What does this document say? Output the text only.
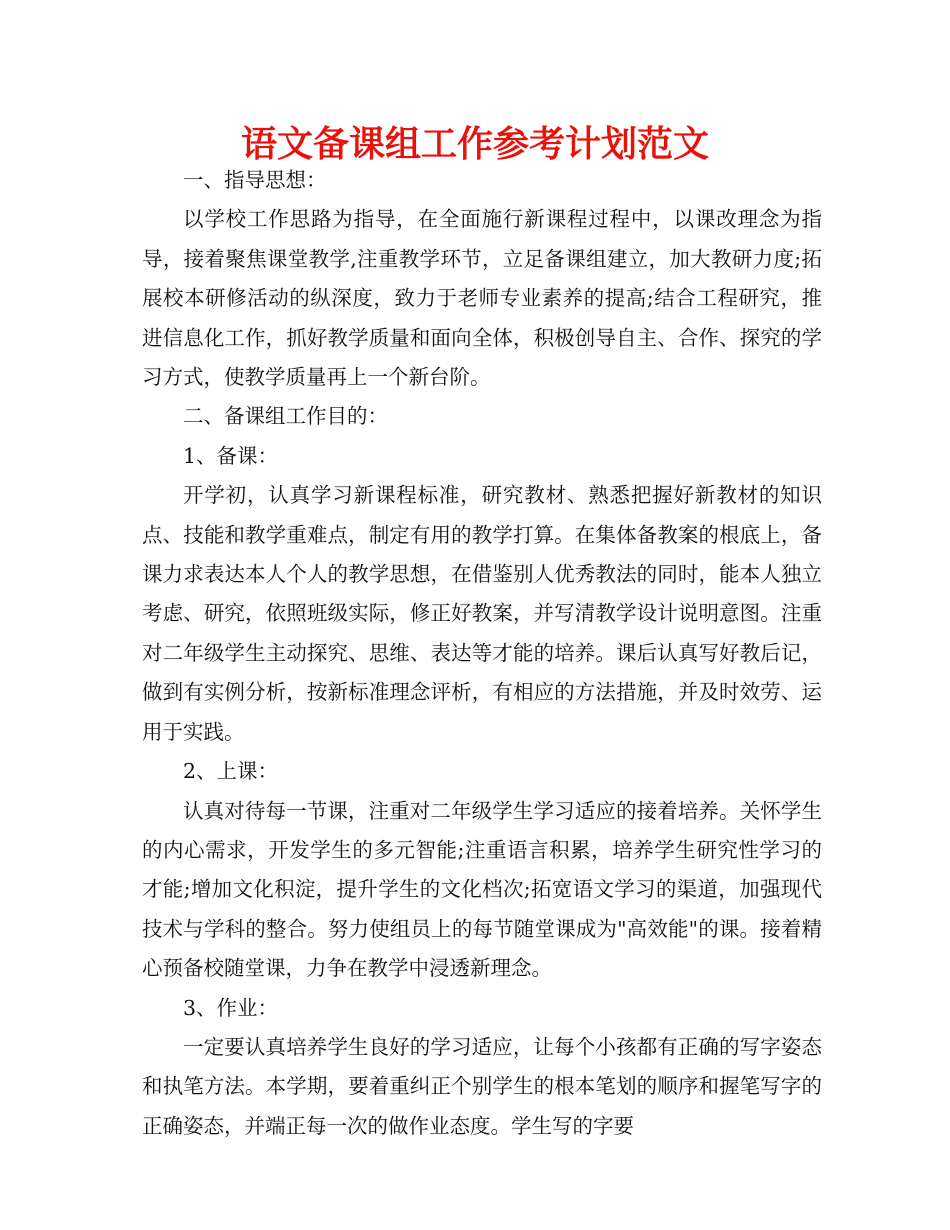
语文备课组工作参考计划范文

一、指导思想：

以学校工作思路为指导，在全面施行新课程过程中，以课改理念为指导，接着聚焦课堂教学,注重教学环节，立足备课组建立，加大教研力度;拓展校本研修活动的纵深度，致力于老师专业素养的提高;结合工程研究，推进信息化工作，抓好教学质量和面向全体，积极创导自主、合作、探究的学习方式，使教学质量再上一个新台阶。

二、备课组工作目的：

1、备课：

开学初，认真学习新课程标准，研究教材、熟悉把握好新教材的知识点、技能和教学重难点，制定有用的教学打算。在集体备教案的根底上，备课力求表达本人个人的教学思想，在借鉴别人优秀教法的同时，能本人独立考虑、研究，依照班级实际，修正好教案，并写清教学设计说明意图。注重对二年级学生主动探究、思维、表达等才能的培养。课后认真写好教后记，做到有实例分析，按新标准理念评析，有相应的方法措施，并及时效劳、运用于实践。

2、上课：

认真对待每一节课，注重对二年级学生学习适应的接着培养。关怀学生的内心需求，开发学生的多元智能;注重语言积累，培养学生研究性学习的才能;增加文化积淀，提升学生的文化档次;拓宽语文学习的渠道，加强现代技术与学科的整合。努力使组员上的每节随堂课成为"高效能"的课。接着精心预备校随堂课，力争在教学中浸透新理念。

3、作业：

一定要认真培养学生良好的学习适应，让每个小孩都有正确的写字姿态和执笔方法。本学期，要着重纠正个别学生的根本笔划的顺序和握笔写字的正确姿态，并端正每一次的做作业态度。学生写的字要
